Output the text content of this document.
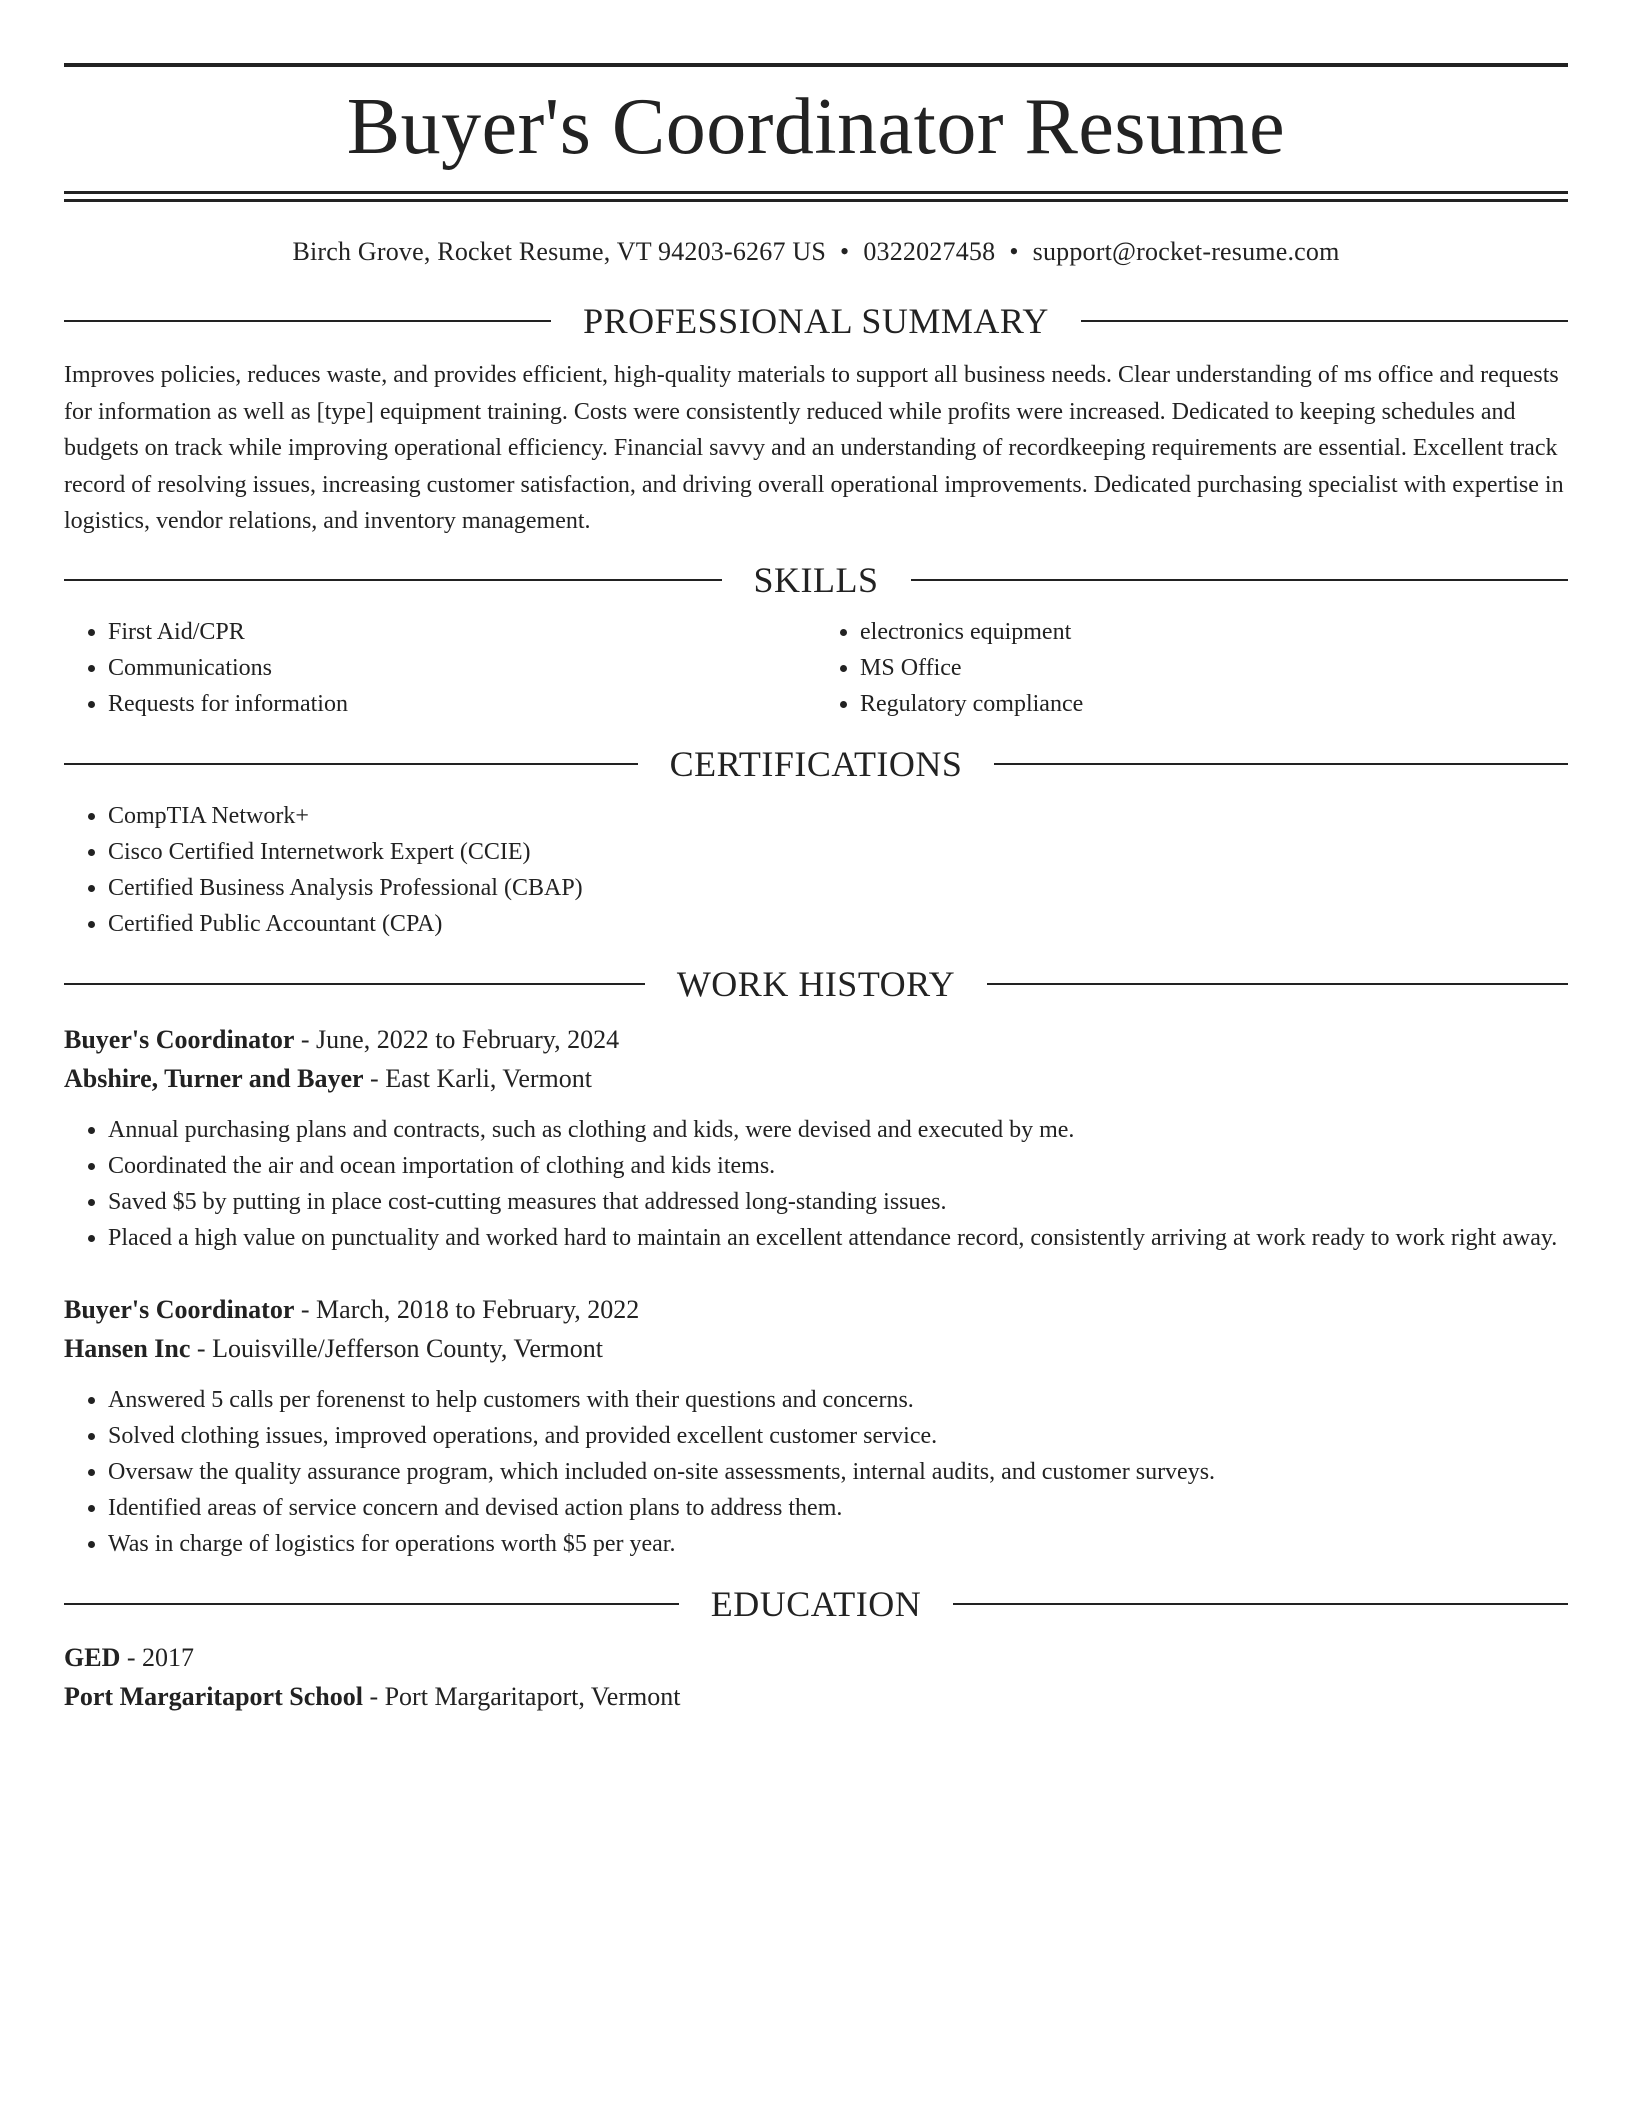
Buyer's Coordinator Resume
Birch Grove, Rocket Resume, VT 94203-6267 US • 0322027458 • support@rocket-resume.com
PROFESSIONAL SUMMARY

Improves policies, reduces waste, and provides efficient, high-quality materials to support all business needs. Clear understanding of ms office and requests for information as well as [type] equipment training. Costs were consistently reduced while profits were increased. Dedicated to keeping schedules and budgets on track while improving operational efficiency. Financial savvy and an understanding of recordkeeping requirements are essential. Excellent track record of resolving issues, increasing customer satisfaction, and driving overall operational improvements. Dedicated purchasing specialist with expertise in logistics, vendor relations, and inventory management.

SKILLS
• First Aid/CPR
• Communications
• Requests for information
• electronics equipment
• MS Office
• Regulatory compliance
CERTIFICATIONS
• CompTIA Network+
• Cisco Certified Internetwork Expert (CCIE)
• Certified Business Analysis Professional (CBAP)
• Certified Public Accountant (CPA)
WORK HISTORY
Buyer's Coordinator - June, 2022 to February, 2024
Abshire, Turner and Bayer - East Karli, Vermont
• Annual purchasing plans and contracts, such as clothing and kids, were devised and executed by me.
• Coordinated the air and ocean importation of clothing and kids items.
• Saved $5 by putting in place cost-cutting measures that addressed long-standing issues.
• Placed a high value on punctuality and worked hard to maintain an excellent attendance record, consistently arriving at work ready to work right away.
Buyer's Coordinator - March, 2018 to February, 2022
Hansen Inc - Louisville/Jefferson County, Vermont
• Answered 5 calls per forenenst to help customers with their questions and concerns.
• Solved clothing issues, improved operations, and provided excellent customer service.
• Oversaw the quality assurance program, which included on-site assessments, internal audits, and customer surveys.
• Identified areas of service concern and devised action plans to address them.
• Was in charge of logistics for operations worth $5 per year.
EDUCATION
GED - 2017
Port Margaritaport School - Port Margaritaport, Vermont
